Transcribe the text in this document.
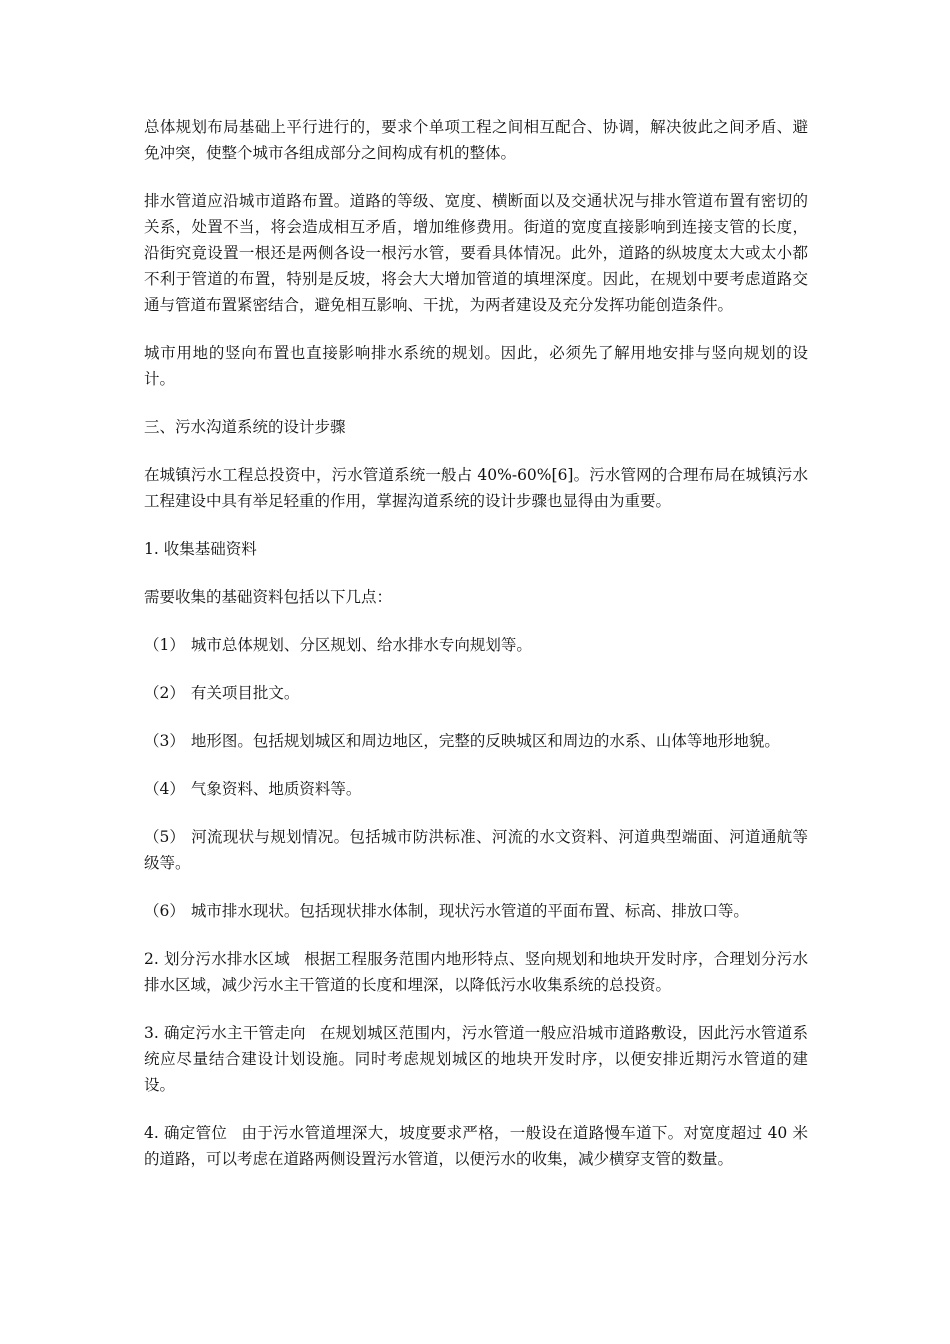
总体规划布局基础上平行进行的，要求个单项工程之间相互配合、协调，解决彼此之间矛盾、避免冲突，使整个城市各组成部分之间构成有机的整体。

排水管道应沿城市道路布置。道路的等级、宽度、横断面以及交通状况与排水管道布置有密切的关系，处置不当，将会造成相互矛盾，增加维修费用。街道的宽度直接影响到连接支管的长度，沿街究竟设置一根还是两侧各设一根污水管，要看具体情况。此外，道路的纵坡度太大或太小都不利于管道的布置，特别是反坡，将会大大增加管道的填埋深度。因此，在规划中要考虑道路交通与管道布置紧密结合，避免相互影响、干扰，为两者建设及充分发挥功能创造条件。

城市用地的竖向布置也直接影响排水系统的规划。因此，必须先了解用地安排与竖向规划的设计。

三、污水沟道系统的设计步骤

在城镇污水工程总投资中，污水管道系统一般占 40%-60%[6]。污水管网的合理布局在城镇污水工程建设中具有举足轻重的作用，掌握沟道系统的设计步骤也显得由为重要。

1. 收集基础资料

需要收集的基础资料包括以下几点：

（1） 城市总体规划、分区规划、给水排水专向规划等。

（2） 有关项目批文。

（3） 地形图。包括规划城区和周边地区，完整的反映城区和周边的水系、山体等地形地貌。

（4） 气象资料、地质资料等。

（5） 河流现状与规划情况。包括城市防洪标准、河流的水文资料、河道典型端面、河道通航等级等。

（6） 城市排水现状。包括现状排水体制，现状污水管道的平面布置、标高、排放口等。

2. 划分污水排水区域 根据工程服务范围内地形特点、竖向规划和地块开发时序，合理划分污水排水区域，减少污水主干管道的长度和埋深，以降低污水收集系统的总投资。

3. 确定污水主干管走向 在规划城区范围内，污水管道一般应沿城市道路敷设，因此污水管道系统应尽量结合建设计划设施。同时考虑规划城区的地块开发时序，以便安排近期污水管道的建设。

4. 确定管位 由于污水管道埋深大，坡度要求严格，一般设在道路慢车道下。对宽度超过 40 米的道路，可以考虑在道路两侧设置污水管道，以便污水的收集，减少横穿支管的数量。
